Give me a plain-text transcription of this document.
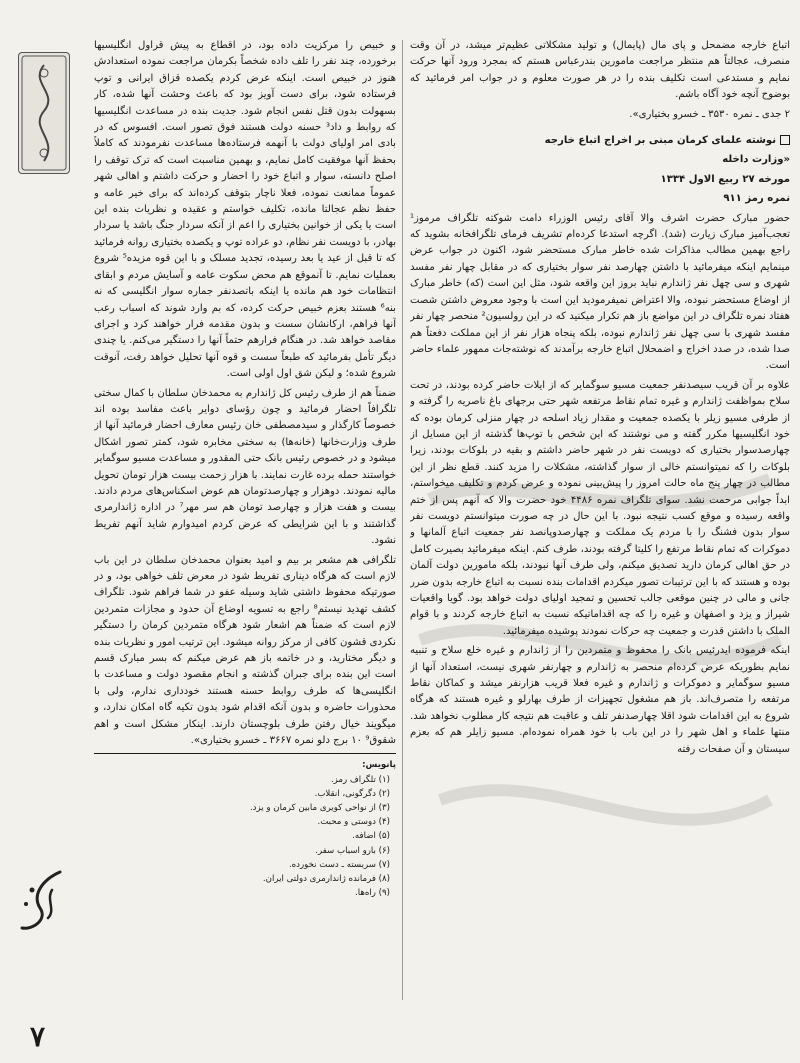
اتباع خارجه مضمحل و پای مال (پایمال) و تولید مشکلاتی عظیم‌تر میشد، در آن وقت منصرف، عجالتاً هم منتظر مراجعت مامورین بندرعباس هستم که بمجرد ورود آنها حرکت نمایم و مستدعی است تکلیف بنده را در هر صورت معلوم و در جواب امر فرمائید که بوضوح آنچه خود آگاه باشم.

۲ جدی ـ نمره ۳۵۳۰ ـ خسرو بختیاری».

نوشته علمای کرمان مبنی بر اخراج اتباع خارجه

«وزارت داخله

مورخه ۲۷ ربیع الاول ۱۳۳۴

نمره رمز ۹۱۱

حضور مبارک حضرت اشرف والا آقای رئیس الوزراء دامت شوکته تلگراف مرموز¹ تعجب‌آمیز مبارک زیارت (شد). اگرچه استدعا کرده‌ام تشریف فرمای تلگرافخانه بشوید که راجع بهمین مطالب مذاکرات شده خاطر مبارک مستحضر شود، اکنون در جواب عرض مینمایم اینکه میفرمائید با داشتن چهارصد نفر سوار بختیاری که در مقابل چهار نفر مفسد شهری و سی چهل نفر ژاندارم نباید بروز این واقعه شود، مثل این است (که) خاطر مبارک از اوضاع مستحضر نبوده، والا اعتراض نمیفرمودید این است با وجود معروض داشتن شصت هفتاد نمره تلگراف در این مواضع باز هم تکرار میکنید که در این رولسیون² منحصر چهار نفر مفسد شهری با سی چهل نفر ژاندارم نبوده، بلکه پنجاه هزار نفر از این مملکت دفعتاً هم صدا شده، در صدد اخراج و اضمحلال اتباع خارجه برآمدند که نوشته‌جات ممهور علماء حاضر است.

علاوه بر آن قریب سیصدنفر جمعیت مسیو سوگمایر که از ایلات حاضر کرده بودند، در تحت سلاح بمواظفت ژاندارم و غیره تمام نقاط مرتفعه شهر حتی برجهای باغ ناصریه را گرفته و از طرفی مسیو زیلر با یکصده جمعیت و مقدار زیاد اسلحه در چهار منزلی کرمان بوده که خود انگلیسیها مکرر گفته و می نوشتند که این شخص با توپ‌ها گذشته از این مسایل از چهارصدسوار بختیاری که دویست نفر در شهر حاضر داشتم و بقیه در بلوکات بودند، زیرا بلوکات را که نمیتوانستم خالی از سوار گذاشته، مشکلات را مزید کنند. قطع نظر از این مطالب در چهار پنج ماه حالت امروز را پیش‌بینی نموده و عرض کردم و تکلیف میخواستم، ابداً جوابی مرحمت نشد. سوای تلگراف نمره ۴۴۸۶ خود حضرت والا که آنهم پس از ختم واقعه رسیده و موقع کسب نتیجه نبود. با این حال در چه صورت میتوانستم دویست نفر سوار بدون فشنگ را با مردم یک مملکت و چهارصدوپانصد نفر جمعیت اتباع آلمانها و دموکرات که تمام نقاط مرتفع را کلیتا گرفته بودند، طرف کنم. اینکه میفرمائید بصیرت کامل در حق اهالی کرمان دارید تصدیق میکنم، ولی طرف آنها نبودند، بلکه مامورین دولت آلمان بوده و هستند که با این ترتیبات تصور میکردم اقدامات بنده نسبت به اتباع خارجه بدون ضرر جانی و مالی در چنین موقعی جالب تحسین و تمجید اولیای دولت خواهد بود. گویا واقعیات شیراز و یزد و اصفهان و غیره را که چه اقداماتیکه نسبت به اتباع خارجه کردند و با قوام الملک با داشتن قدرت و جمعیت چه حرکات نمودند پوشیده میفرمائید.

اینکه فرموده ایدرئیس بانک را محفوظ و متمردین را از ژاندارم و غیره خلع سلاح و تنبیه نمایم بطوریکه عرض کرده‌ام منحصر به ژاندارم و چهارنفر شهری نیست، استعداد آنها از مسیو سوگمایر و دموکرات و ژاندارم و غیره فعلا قریب هزارنفر میشد و کماکان نقاط مرتفعه را متصرف‌اند. باز هم مشغول تجهیزات از طرف بهارلو و غیره هستند که هرگاه شروع به این اقدامات شود اقلا چهارصدنفر تلف و عاقبت هم نتیجه کار مطلوب نخواهد شد. منتها علماء و اهل شهر را در این باب با خود همراه نموده‌ام. مسیو زایلر هم که بعزم سیستان و آن صفحات رفته

و خبیص را مرکزیت داده بود، در اقطاع به پیش قراول انگلیسیها برخورده، چند نفر را تلف داده شخصاً بکرمان مراجعت نموده استعدادش هنوز در خبیص است. اینکه عرض کردم یکصده قزاق ایرانی و توپ فرستاده شود، برای دست آویز بود که باعث وحشت آنها شده، کار بسهولت بدون قتل نفس انجام شود. جدیت بنده در مساعدت انگلیسیها که روابط و داد³ حسنه دولت هستند فوق تصور است. افسوس که در بادی امر اولیای دولت با آنهمه فرستاده‌ها مساعدت نفرمودند که کاملاً بحفظ آنها موفقیت کامل نمایم، و بهمین مناسبت است که ترک توقف را اصلح دانسته، سوار و اتباع خود را احضار و حرکت داشتم و اهالی شهر عموماً ممانعت نموده، فعلا ناچار بتوقف کرده‌اند که برای خیر عامه و حفظ نظم عجالتا مانده، تکلیف خواستم و عقیده و نظریات بنده این است یا یکی از خوانین بختیاری را اعم از آنکه سردار جنگ باشد یا سردار بهادر، با دویست نفر نظام، دو عراده توپ و یکصده بختیاری روانه فرمائید که تا قبل از عید یا بعد رسیده، تجدید مسلک و با این قوه مزیده⁵ شروع بعملیات نمایم. تا آنموقع هم محض سکوت عامه و آسایش مردم و ابقای انتظامات خود هم مانده یا اینکه باتصدنفر جماره سوار انگلیسی که نه بنه⁶ هستند بعزم خبیص حرکت کرده، که بم وارد شوند که اسباب رعب آنها فراهم، ارکانشان سست و بدون مقدمه فرار خواهند کرد و اجرای مقاصد خواهد شد. در هنگام فرارهم حتماً آنها را دستگیر می‌کنم. یا چندی دیگر تأمل بفرمائید که طبعاً سست و قوه آنها تحلیل خواهد رفت، آنوقت شروع شده؛ و لیکن شق اول اولی است.

ضمناً هم از طرف رئیس کل ژاندارم به محمدخان سلطان با کمال سختی تلگرافاً احضار فرمائید و چون رؤسای دوایر باعث مفاسد بوده اند خصوصاً کارگذار و سیدمصطفی خان رئیس معارف احضار فرمائید آنها از طرف وزارت‌خانها (خانه‌ها) به سختی مخابره شود، کمتر تصور اشکال میشود و در خصوص رئیس بانک حتی المقدور و مساعدت مسیو سوگمایر خواستند حمله برده غارت نمایند. با هزار زحمت بیست هزار تومان تحویل مالیه نمودند. دوهزار و چهارصدتومان هم عوض اسکناس‌های مردم دادند. بیست و هفت هزار و چهارصد تومان هم سر مهر⁷ در اداره ژاندارمری گذاشتند و با این شرایطی که عرض کردم امیدوارم شاید آنهم تفریط نشود.

تلگرافی هم مشعر بر بیم و امید بعنوان محمدخان سلطان در این باب لازم است که هرگاه دیناری تفریط شود در معرض تلف خواهی بود، و در صورتیکه محفوظ داشتی شاید وسیله عفو در شما فراهم شود. تلگراف کشف تهدید نیستم⁸ راجع به تسویه اوضاع آن حدود و مجازات متمردین لازم است که ضمناً هم اشعار شود هرگاه متمردین کرمان را دستگیر نکردی قشون کافی از مرکز روانه میشود. این ترتیب امور و نظریات بنده و دیگر مختارید، و در خاتمه باز هم عرض میکنم که بسر مبارک قسم است این بنده برای جبران گذشته و انجام مقصود دولت و مساعدت با انگلیسی‌ها که طرف روابط حسنه هستند خودداری ندارم، ولی با محذورات حاضره و بدون آنکه اقدام شود بدون تکیه گاه امکان ندارد، و میگویند خیال رفتن طرف بلوچستان دارند. اینکار مشکل است و اهم شقوق⁹ ۱۰ برج دلو نمره ۳۶۶۷ ـ خسرو بختیاری».

پانویس:
(۱) تلگراف رمز.
(۲) دگرگونی، انقلاب.
(۳) از نواحی کویری مابین کرمان و یزد.
(۴) دوستی و محبت.
(۵) اضافه.
(۶) بارو اسباب سفر.
(۷) سربسته ـ دست نخورده.
(۸) فرمانده ژاندارمری دولتی ایران.
(۹) راه‌ها.
۷
